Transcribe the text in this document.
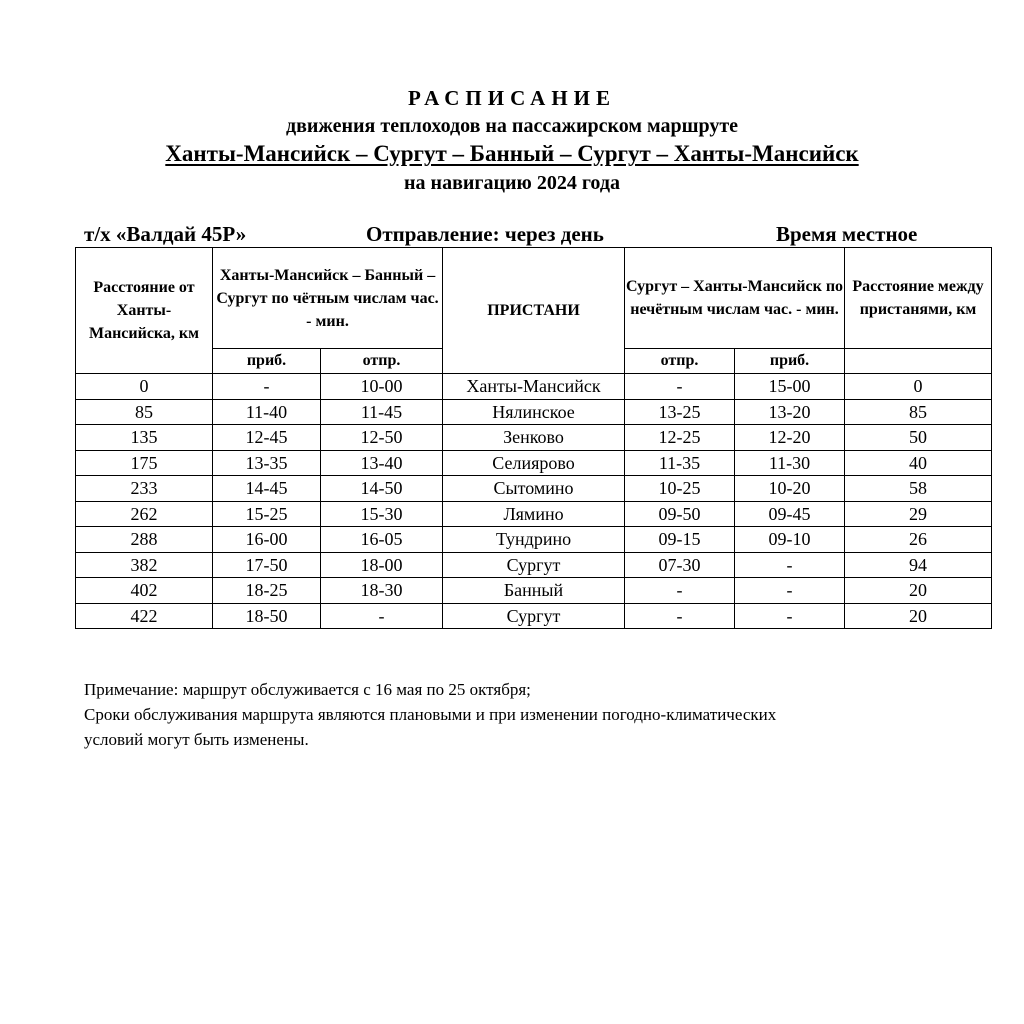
РАСПИСАНИЕ
движения теплоходов на пассажирском маршруте
Ханты-Мансийск – Сургут – Банный – Сургут – Ханты-Мансийск
на навигацию 2024 года
т/х «Валдай 45Р»	Отправление: через день	Время местное
Расстояние от Ханты-Мансийска, км	Ханты-Мансийск – Банный – Сургут по чётным числам час. - мин.		ПРИСТАНИ	Сургут – Ханты-Мансийск по нечётным числам час. - мин.		Расстояние между пристанями, км
	приб.	отпр.		отпр.	приб.	
0	-	10-00	Ханты-Мансийск	-	15-00	0
85	11-40	11-45	Нялинское	13-25	13-20	85
135	12-45	12-50	Зенково	12-25	12-20	50
175	13-35	13-40	Селиярово	11-35	11-30	40
233	14-45	14-50	Сытомино	10-25	10-20	58
262	15-25	15-30	Лямино	09-50	09-45	29
288	16-00	16-05	Тундрино	09-15	09-10	26
382	17-50	18-00	Сургут	07-30	-	94
402	18-25	18-30	Банный	-	-	20
422	18-50	-	Сургут	-	-	20
Примечание: маршрут обслуживается с 16 мая по 25 октября;
Сроки обслуживания маршрута являются плановыми и при изменении погодно-климатических
условий могут быть изменены.
